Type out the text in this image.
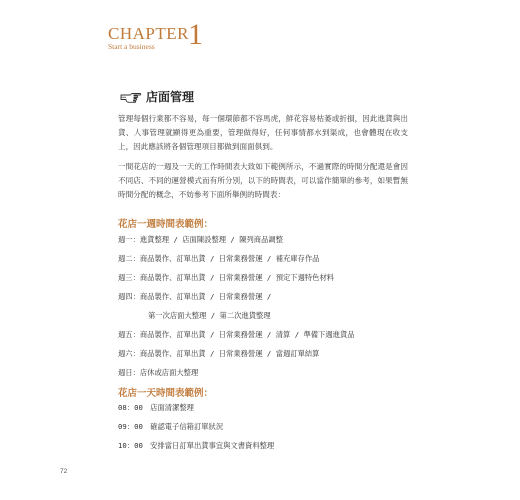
CHAPTER
Start a business 1
店面管理

管理每個行業都不容易，每一個環節都不容馬虎，鮮花容易枯萎或折損，因此進貨與出貨、人事管理就顯得更為重要，管理做得好，任何事情都水到渠成，也會體現在收支上，因此應該將各個管理項目都做到面面俱到。

一間花店的一週及一天的工作時間表大致如下範例所示，不過實際的時間分配還是會因不同店、不同的運營模式而有所分別，以下的時間表，可以當作簡單的參考，如果暫無時間分配的概念，不妨參考下面所舉例的時間表：

花店一週時間表範例：
週一：進貨整理 / 店面陳設整理 / 陳列商品調整
週二：商品製作、訂單出貨 / 日常業務營運 / 補充庫存作品
週三：商品製作、訂單出貨 / 日常業務營運 / 預定下週特色材料
週四：商品製作、訂單出貨 / 日常業務營運 /
第一次店面大整理 / 第二次進貨整理
週五：商品製作、訂單出貨 / 日常業務營運 / 清算 / 準備下週進貨品
週六：商品製作、訂單出貨 / 日常業務營運 / 當週訂單結算
週日：店休或店面大整理
花店一天時間表範例：
08：00　店面清潔整理
09：00　確認電子信箱訂單狀況
10：00　安排當日訂單出貨事宜與文書資料整理
72
